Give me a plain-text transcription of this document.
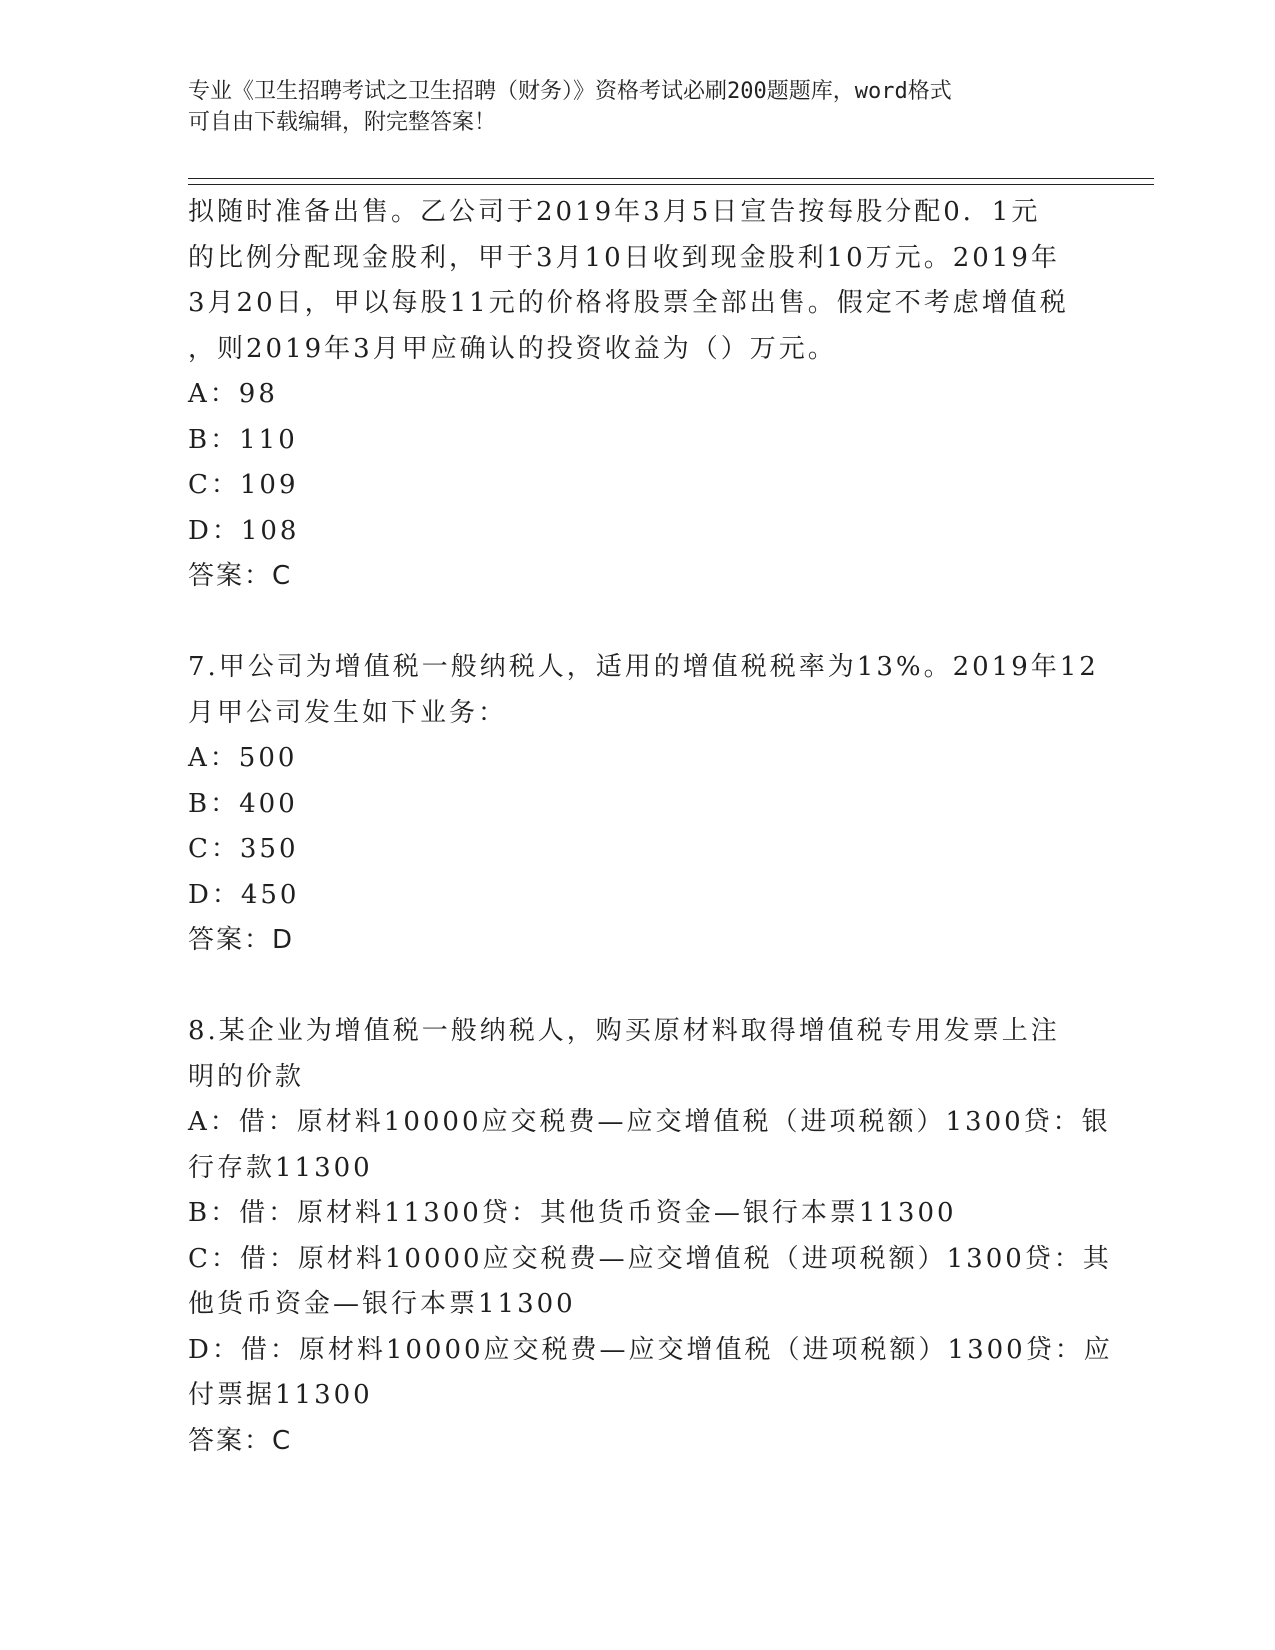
专业《卫生招聘考试之卫生招聘（财务）》资格考试必刷200题题库，word格式
可自由下载编辑，附完整答案！
拟随时准备出售。乙公司于2019年3月5日宣告按每股分配0．1元
的比例分配现金股利，甲于3月10日收到现金股利10万元。2019年
3月20日，甲以每股11元的价格将股票全部出售。假定不考虑增值税
，则2019年3月甲应确认的投资收益为（）万元。
A：98
B：110
C：109
D：108
答案：C
7.甲公司为增值税一般纳税人，适用的增值税税率为13%。2019年12
月甲公司发生如下业务：
A：500
B：400
C：350
D：450
答案：D
8.某企业为增值税一般纳税人，购买原材料取得增值税专用发票上注
明的价款
A：借：原材料10000应交税费—应交增值税（进项税额）1300贷：银
行存款11300
B：借：原材料11300贷：其他货币资金—银行本票11300
C：借：原材料10000应交税费—应交增值税（进项税额）1300贷：其
他货币资金—银行本票11300
D：借：原材料10000应交税费—应交增值税（进项税额）1300贷：应
付票据11300
答案：C
